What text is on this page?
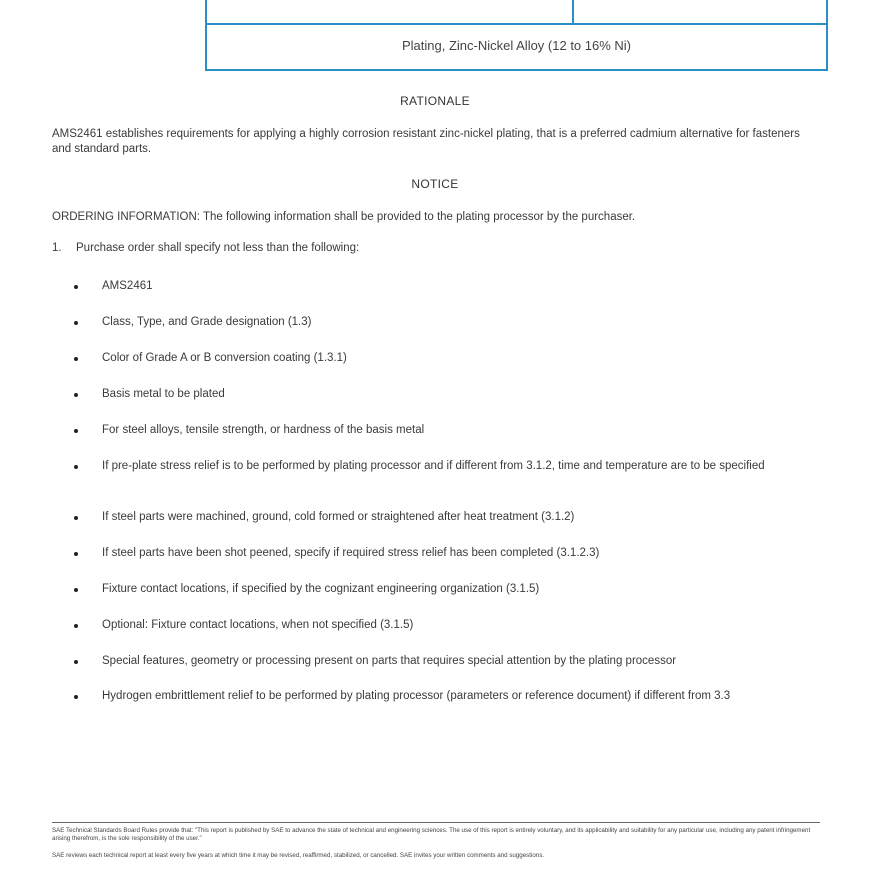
Plating, Zinc-Nickel Alloy (12 to 16% Ni)
RATIONALE
AMS2461 establishes requirements for applying a highly corrosion resistant zinc-nickel plating, that is a preferred cadmium alternative for fasteners and standard parts.
NOTICE
ORDERING INFORMATION: The following information shall be provided to the plating processor by the purchaser.
1. Purchase order shall specify not less than the following:
AMS2461
Class, Type, and Grade designation (1.3)
Color of Grade A or B conversion coating (1.3.1)
Basis metal to be plated
For steel alloys, tensile strength, or hardness of the basis metal
If pre-plate stress relief is to be performed by plating processor and if different from 3.1.2, time and temperature are to be specified
If steel parts were machined, ground, cold formed or straightened after heat treatment (3.1.2)
If steel parts have been shot peened, specify if required stress relief has been completed (3.1.2.3)
Fixture contact locations, if specified by the cognizant engineering organization (3.1.5)
Optional: Fixture contact locations, when not specified (3.1.5)
Special features, geometry or processing present on parts that requires special attention by the plating processor
Hydrogen embrittlement relief to be performed by plating processor (parameters or reference document) if different from 3.3
SAE Technical Standards Board Rules provide that: "This report is published by SAE to advance the state of technical and engineering sciences. The use of this report is entirely voluntary, and its applicability and suitability for any particular use, including any patent infringement arising therefrom, is the sole responsibility of the user."
SAE reviews each technical report at least every five years at which time it may be revised, reaffirmed, stabilized, or cancelled. SAE invites your written comments and suggestions.
